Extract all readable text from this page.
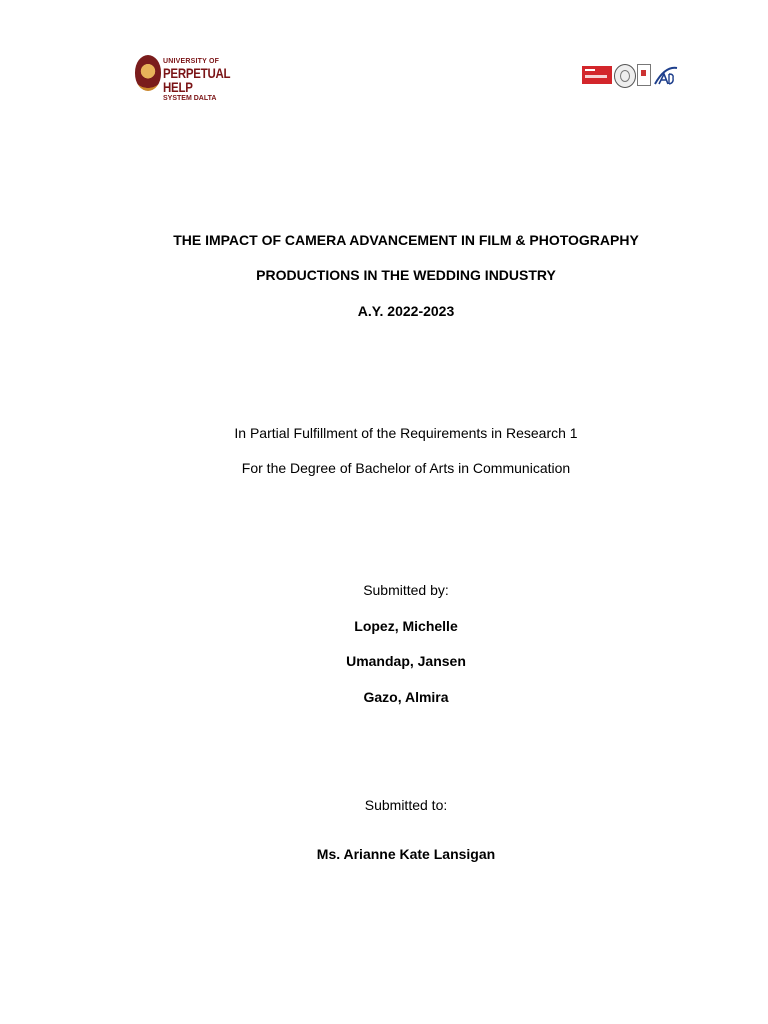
UNIVERSITY OF
PERPETUAL HELP
SYSTEM DALTA
THE IMPACT OF CAMERA ADVANCEMENT IN FILM & PHOTOGRAPHY
PRODUCTIONS IN THE WEDDING INDUSTRY
A.Y. 2022-2023
In Partial Fulfillment of the Requirements in Research 1
For the Degree of Bachelor of Arts in Communication
Submitted by:
Lopez, Michelle
Umandap, Jansen
Gazo, Almira
Submitted to:
Ms. Arianne Kate Lansigan
